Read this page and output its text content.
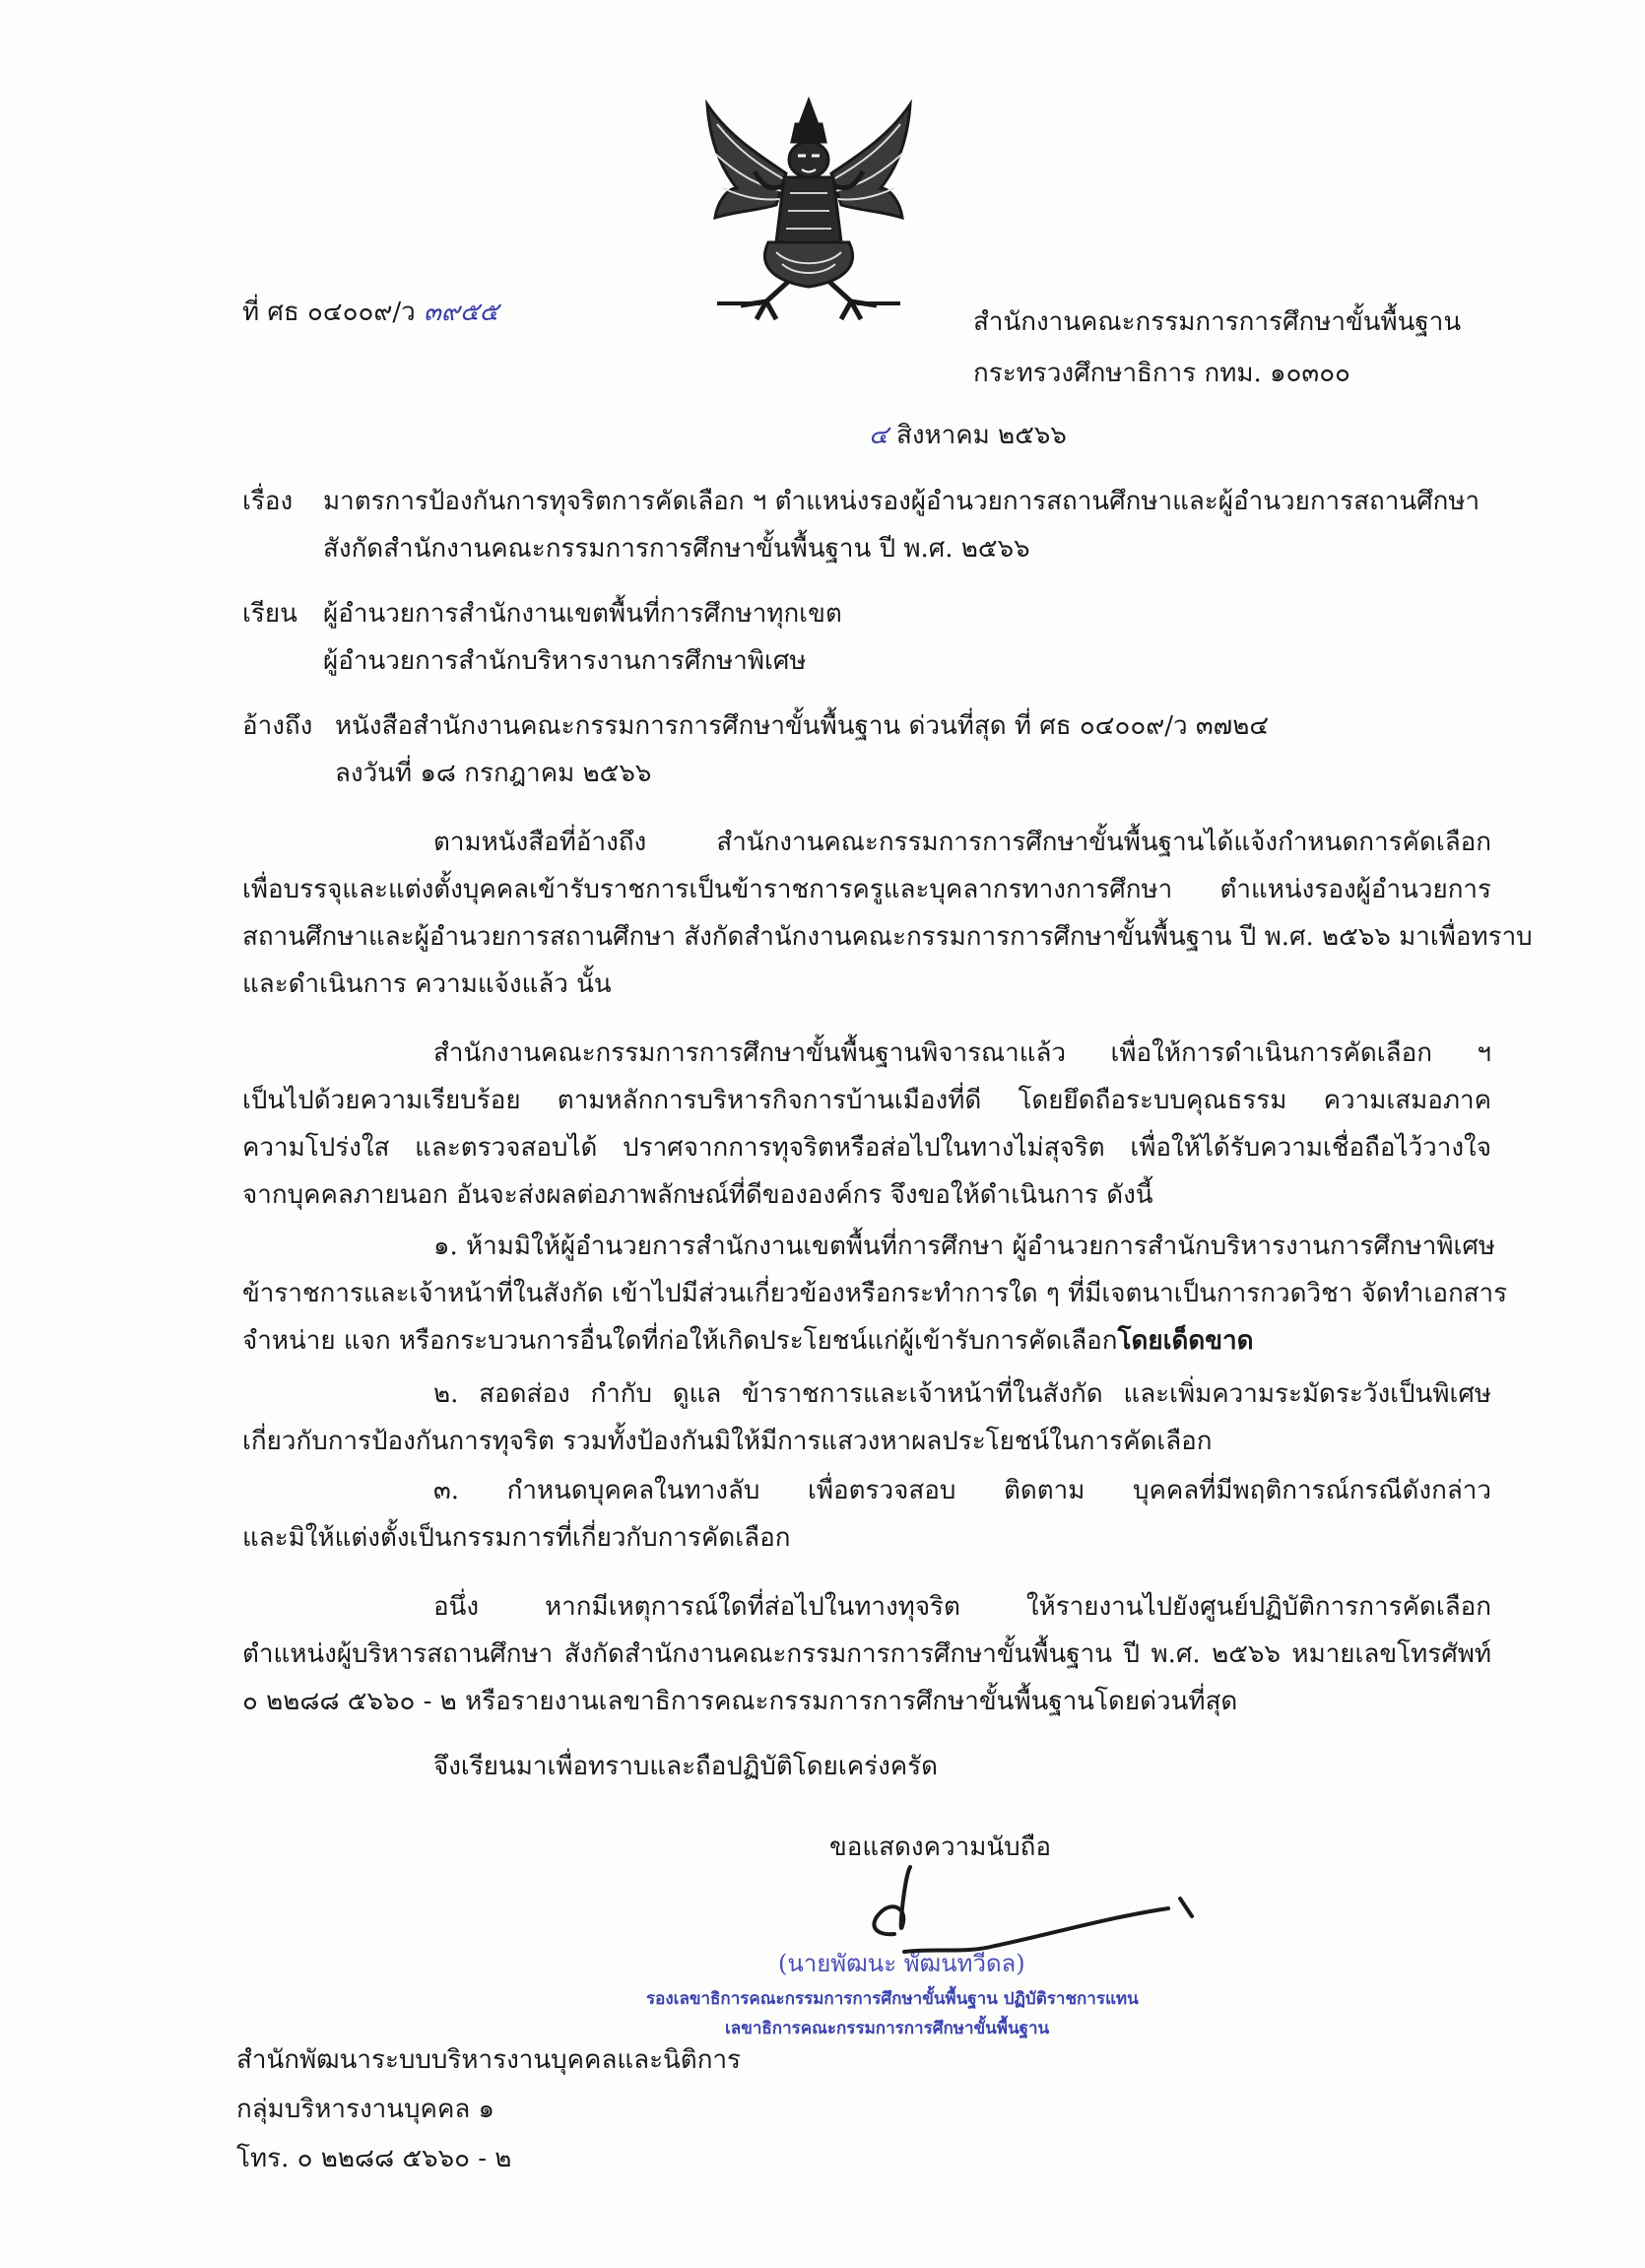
ที่ ศธ ๐๔๐๐๙/ว ๓๙๕๕	สำนักงานคณะกรรมการการศึกษาขั้นพื้นฐาน
กระทรวงศึกษาธิการ กทม. ๑๐๓๐๐
๔ สิงหาคม ๒๕๖๖
เรื่อง มาตรการป้องกันการทุจริตการคัดเลือก ฯ ตำแหน่งรองผู้อำนวยการสถานศึกษาและผู้อำนวยการสถานศึกษา
สังกัดสำนักงานคณะกรรมการการศึกษาขั้นพื้นฐาน ปี พ.ศ. ๒๕๖๖
เรียน ผู้อำนวยการสำนักงานเขตพื้นที่การศึกษาทุกเขต
ผู้อำนวยการสำนักบริหารงานการศึกษาพิเศษ
อ้างถึง หนังสือสำนักงานคณะกรรมการการศึกษาขั้นพื้นฐาน ด่วนที่สุด ที่ ศธ ๐๔๐๐๙/ว ๓๗๒๔
ลงวันที่ ๑๘ กรกฎาคม ๒๕๖๖
ตามหนังสือที่อ้างถึง สำนักงานคณะกรรมการการศึกษาขั้นพื้นฐานได้แจ้งกำหนดการคัดเลือก
เพื่อบรรจุและแต่งตั้งบุคคลเข้ารับราชการเป็นข้าราชการครูและบุคลากรทางการศึกษา ตำแหน่งรองผู้อำนวยการ
สถานศึกษาและผู้อำนวยการสถานศึกษา สังกัดสำนักงานคณะกรรมการการศึกษาขั้นพื้นฐาน ปี พ.ศ. ๒๕๖๖ มาเพื่อทราบ
และดำเนินการ ความแจ้งแล้ว นั้น
สำนักงานคณะกรรมการการศึกษาขั้นพื้นฐานพิจารณาแล้ว เพื่อให้การดำเนินการคัดเลือก ฯ
เป็นไปด้วยความเรียบร้อย ตามหลักการบริหารกิจการบ้านเมืองที่ดี โดยยึดถือระบบคุณธรรม ความเสมอภาค
ความโปร่งใส และตรวจสอบได้ ปราศจากการทุจริตหรือส่อไปในทางไม่สุจริต เพื่อให้ได้รับความเชื่อถือไว้วางใจ
จากบุคคลภายนอก อันจะส่งผลต่อภาพลักษณ์ที่ดีขององค์กร จึงขอให้ดำเนินการ ดังนี้
๑. ห้ามมิให้ผู้อำนวยการสำนักงานเขตพื้นที่การศึกษา ผู้อำนวยการสำนักบริหารงานการศึกษาพิเศษ
ข้าราชการและเจ้าหน้าที่ในสังกัด เข้าไปมีส่วนเกี่ยวข้องหรือกระทำการใด ๆ ที่มีเจตนาเป็นการกวดวิชา จัดทำเอกสาร
จำหน่าย แจก หรือกระบวนการอื่นใดที่ก่อให้เกิดประโยชน์แก่ผู้เข้ารับการคัดเลือกโดยเด็ดขาด
๒. สอดส่อง กำกับ ดูแล ข้าราชการและเจ้าหน้าที่ในสังกัด และเพิ่มความระมัดระวังเป็นพิเศษ
เกี่ยวกับการป้องกันการทุจริต รวมทั้งป้องกันมิให้มีการแสวงหาผลประโยชน์ในการคัดเลือก
๓. กำหนดบุคคลในทางลับ เพื่อตรวจสอบ ติดตาม บุคคลที่มีพฤติการณ์กรณีดังกล่าว
และมิให้แต่งตั้งเป็นกรรมการที่เกี่ยวกับการคัดเลือก
อนึ่ง หากมีเหตุการณ์ใดที่ส่อไปในทางทุจริต ให้รายงานไปยังศูนย์ปฏิบัติการการคัดเลือก
ตำแหน่งผู้บริหารสถานศึกษา สังกัดสำนักงานคณะกรรมการการศึกษาขั้นพื้นฐาน ปี พ.ศ. ๒๕๖๖ หมายเลขโทรศัพท์
๐ ๒๒๘๘ ๕๖๖๐ - ๒ หรือรายงานเลขาธิการคณะกรรมการการศึกษาขั้นพื้นฐานโดยด่วนที่สุด
จึงเรียนมาเพื่อทราบและถือปฏิบัติโดยเคร่งครัด
ขอแสดงความนับถือ
(นายพัฒนะ พัฒนทวีดล)
รองเลขาธิการคณะกรรมการการศึกษาขั้นพื้นฐาน ปฏิบัติราชการแทน
เลขาธิการคณะกรรมการการศึกษาขั้นพื้นฐาน
สำนักพัฒนาระบบบริหารงานบุคคลและนิติการ
กลุ่มบริหารงานบุคคล ๑
โทร. ๐ ๒๒๘๘ ๕๖๖๐ - ๒
